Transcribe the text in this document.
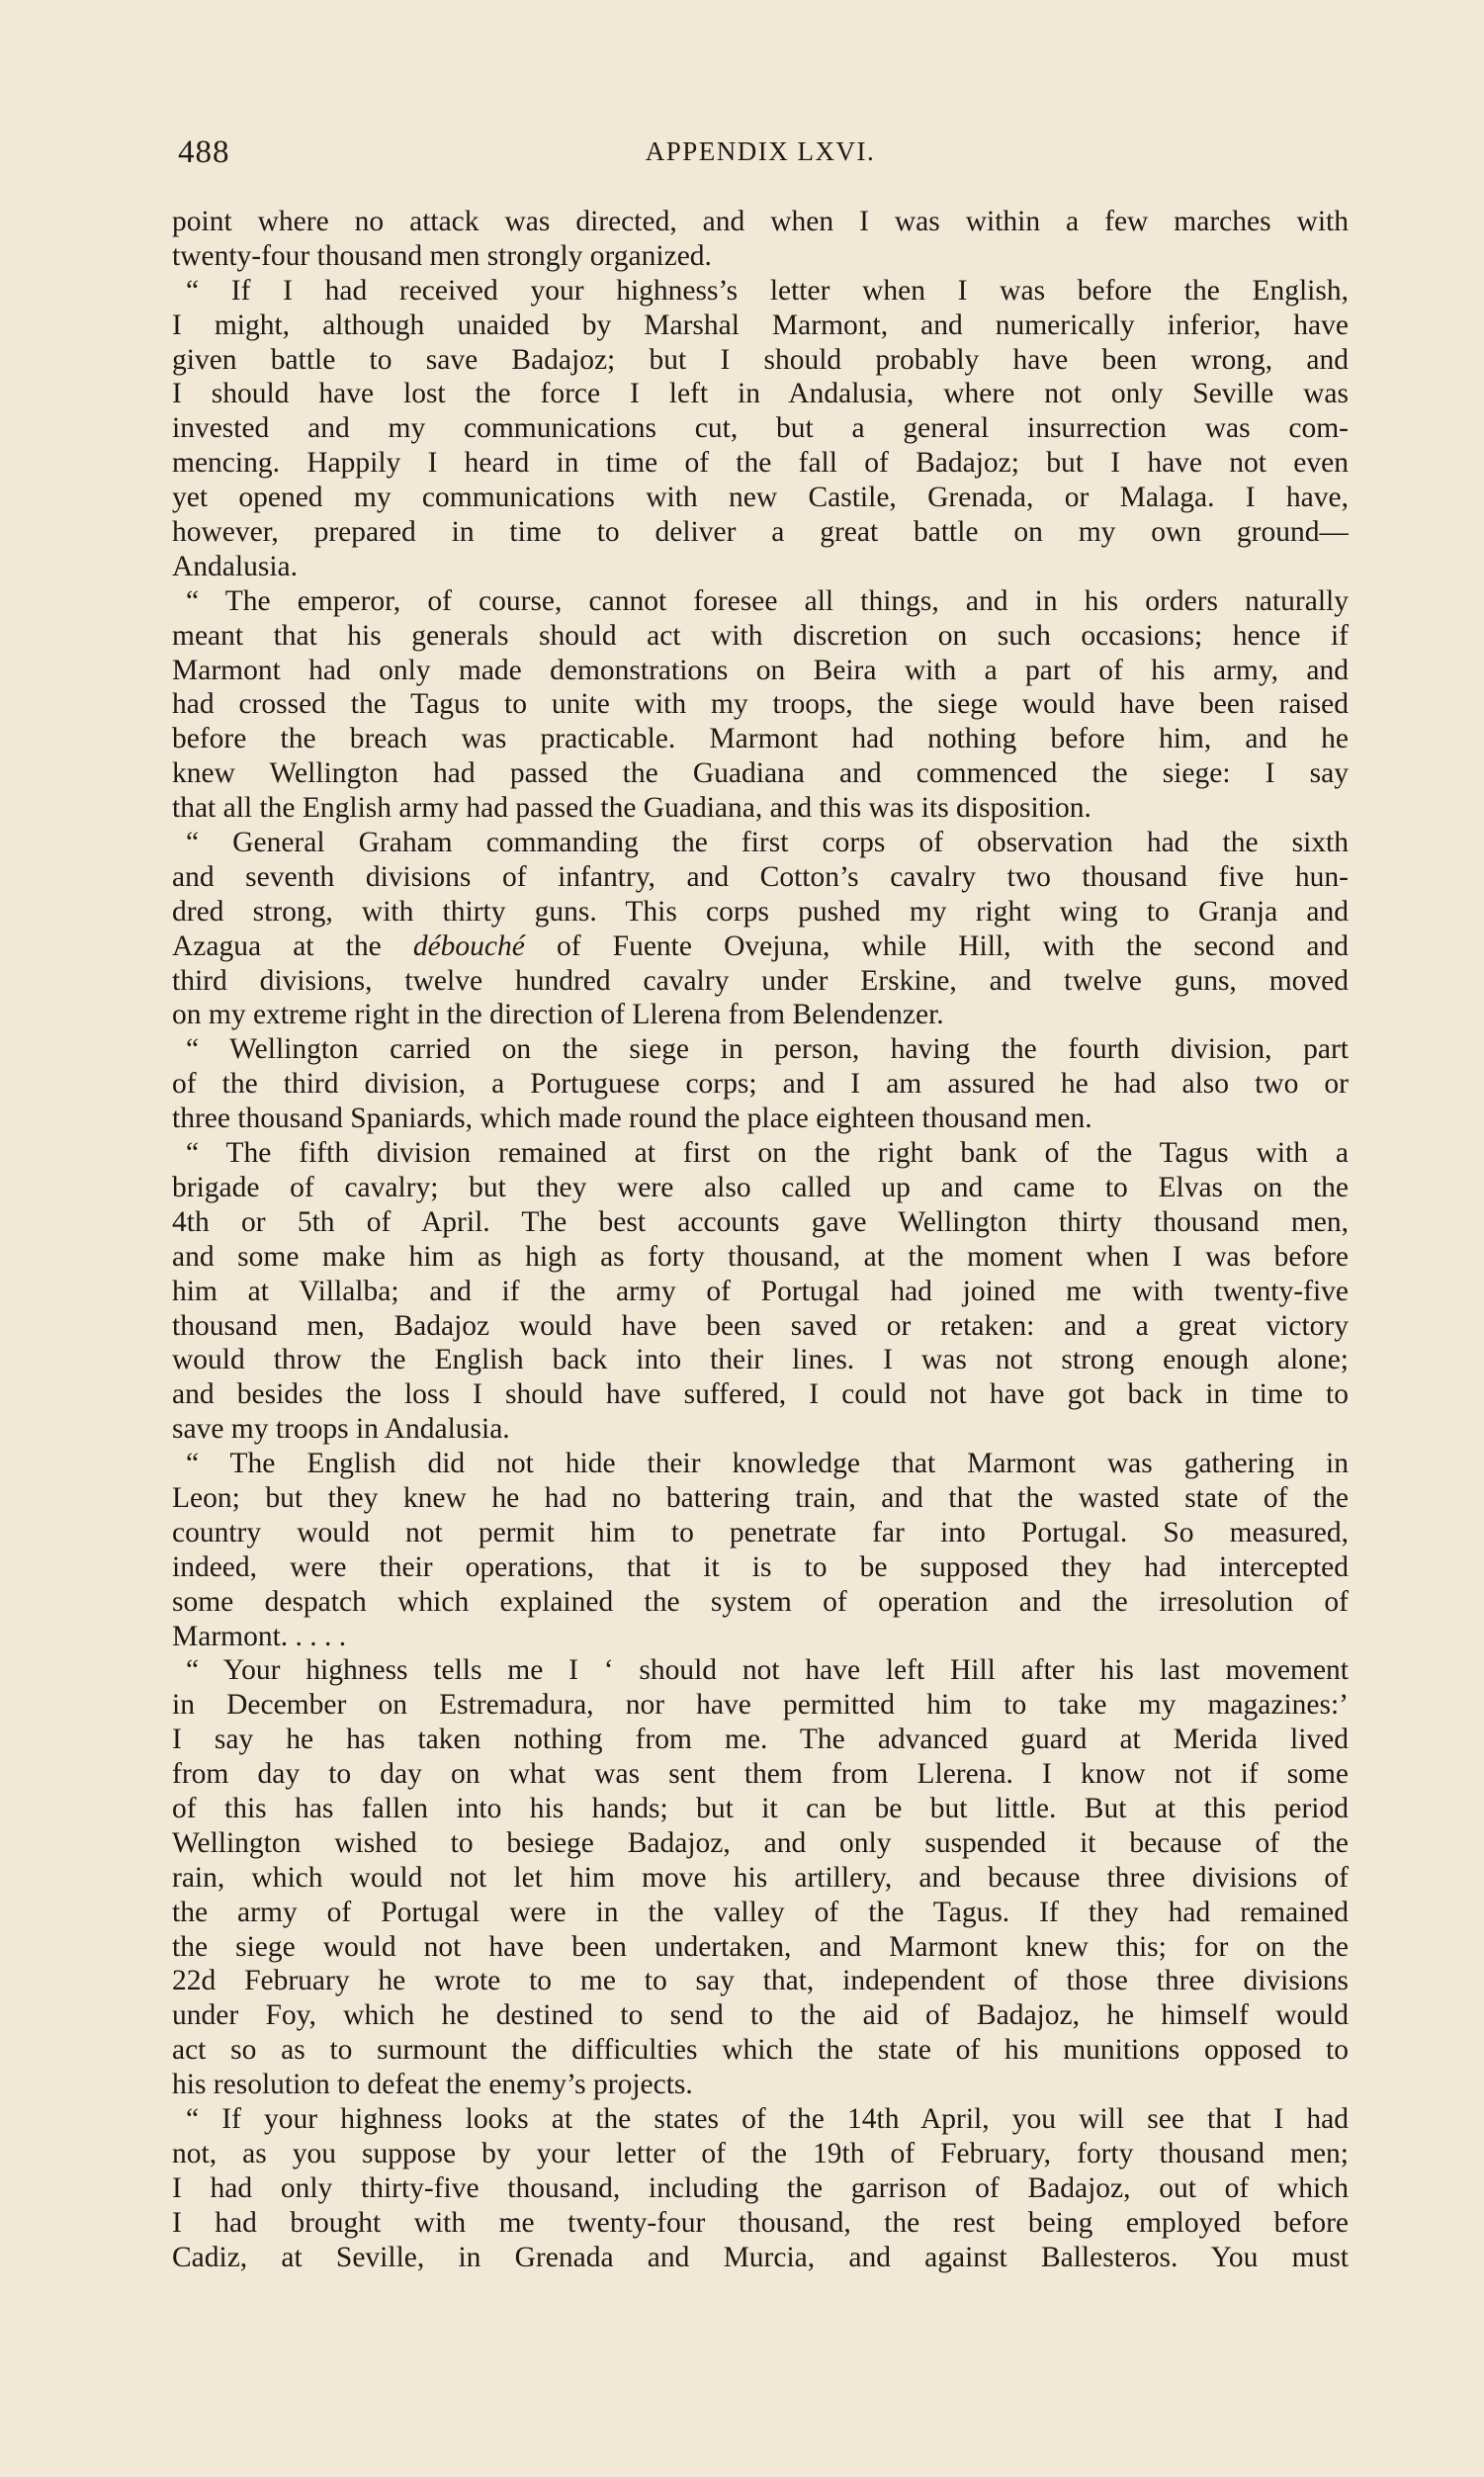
488	APPENDIX LXVI.
point where no attack was directed, and when I was within a few marches with
twenty-four thousand men strongly organized.
“ If I had received your highness’s letter when I was before the English,
I might, although unaided by Marshal Marmont, and numerically inferior, have
given battle to save Badajoz; but I should probably have been wrong, and
I should have lost the force I left in Andalusia, where not only Seville was
invested and my communications cut, but a general insurrection was com-
mencing. Happily I heard in time of the fall of Badajoz; but I have not even
yet opened my communications with new Castile, Grenada, or Malaga. I have,
however, prepared in time to deliver a great battle on my own ground—
Andalusia.
“ The emperor, of course, cannot foresee all things, and in his orders naturally
meant that his generals should act with discretion on such occasions; hence if
Marmont had only made demonstrations on Beira with a part of his army, and
had crossed the Tagus to unite with my troops, the siege would have been raised
before the breach was practicable. Marmont had nothing before him, and he
knew Wellington had passed the Guadiana and commenced the siege: I say
that all the English army had passed the Guadiana, and this was its disposition.
“ General Graham commanding the first corps of observation had the sixth
and seventh divisions of infantry, and Cotton’s cavalry two thousand five hun-
dred strong, with thirty guns. This corps pushed my right wing to Granja and
Azagua at the débouché of Fuente Ovejuna, while Hill, with the second and
third divisions, twelve hundred cavalry under Erskine, and twelve guns, moved
on my extreme right in the direction of Llerena from Belendenzer.
“ Wellington carried on the siege in person, having the fourth division, part
of the third division, a Portuguese corps; and I am assured he had also two or
three thousand Spaniards, which made round the place eighteen thousand men.
“ The fifth division remained at first on the right bank of the Tagus with a
brigade of cavalry; but they were also called up and came to Elvas on the
4th or 5th of April. The best accounts gave Wellington thirty thousand men,
and some make him as high as forty thousand, at the moment when I was before
him at Villalba; and if the army of Portugal had joined me with twenty-five
thousand men, Badajoz would have been saved or retaken: and a great victory
would throw the English back into their lines. I was not strong enough alone;
and besides the loss I should have suffered, I could not have got back in time to
save my troops in Andalusia.
“ The English did not hide their knowledge that Marmont was gathering in
Leon; but they knew he had no battering train, and that the wasted state of the
country would not permit him to penetrate far into Portugal. So measured,
indeed, were their operations, that it is to be supposed they had intercepted
some despatch which explained the system of operation and the irresolution of
Marmont. . . . .
“ Your highness tells me I ‘ should not have left Hill after his last movement
in December on Estremadura, nor have permitted him to take my magazines:’
I say he has taken nothing from me. The advanced guard at Merida lived
from day to day on what was sent them from Llerena. I know not if some
of this has fallen into his hands; but it can be but little. But at this period
Wellington wished to besiege Badajoz, and only suspended it because of the
rain, which would not let him move his artillery, and because three divisions of
the army of Portugal were in the valley of the Tagus. If they had remained
the siege would not have been undertaken, and Marmont knew this; for on the
22d February he wrote to me to say that, independent of those three divisions
under Foy, which he destined to send to the aid of Badajoz, he himself would
act so as to surmount the difficulties which the state of his munitions opposed to
his resolution to defeat the enemy’s projects.
“ If your highness looks at the states of the 14th April, you will see that I had
not, as you suppose by your letter of the 19th of February, forty thousand men;
I had only thirty-five thousand, including the garrison of Badajoz, out of which
I had brought with me twenty-four thousand, the rest being employed before
Cadiz, at Seville, in Grenada and Murcia, and against Ballesteros. You must
